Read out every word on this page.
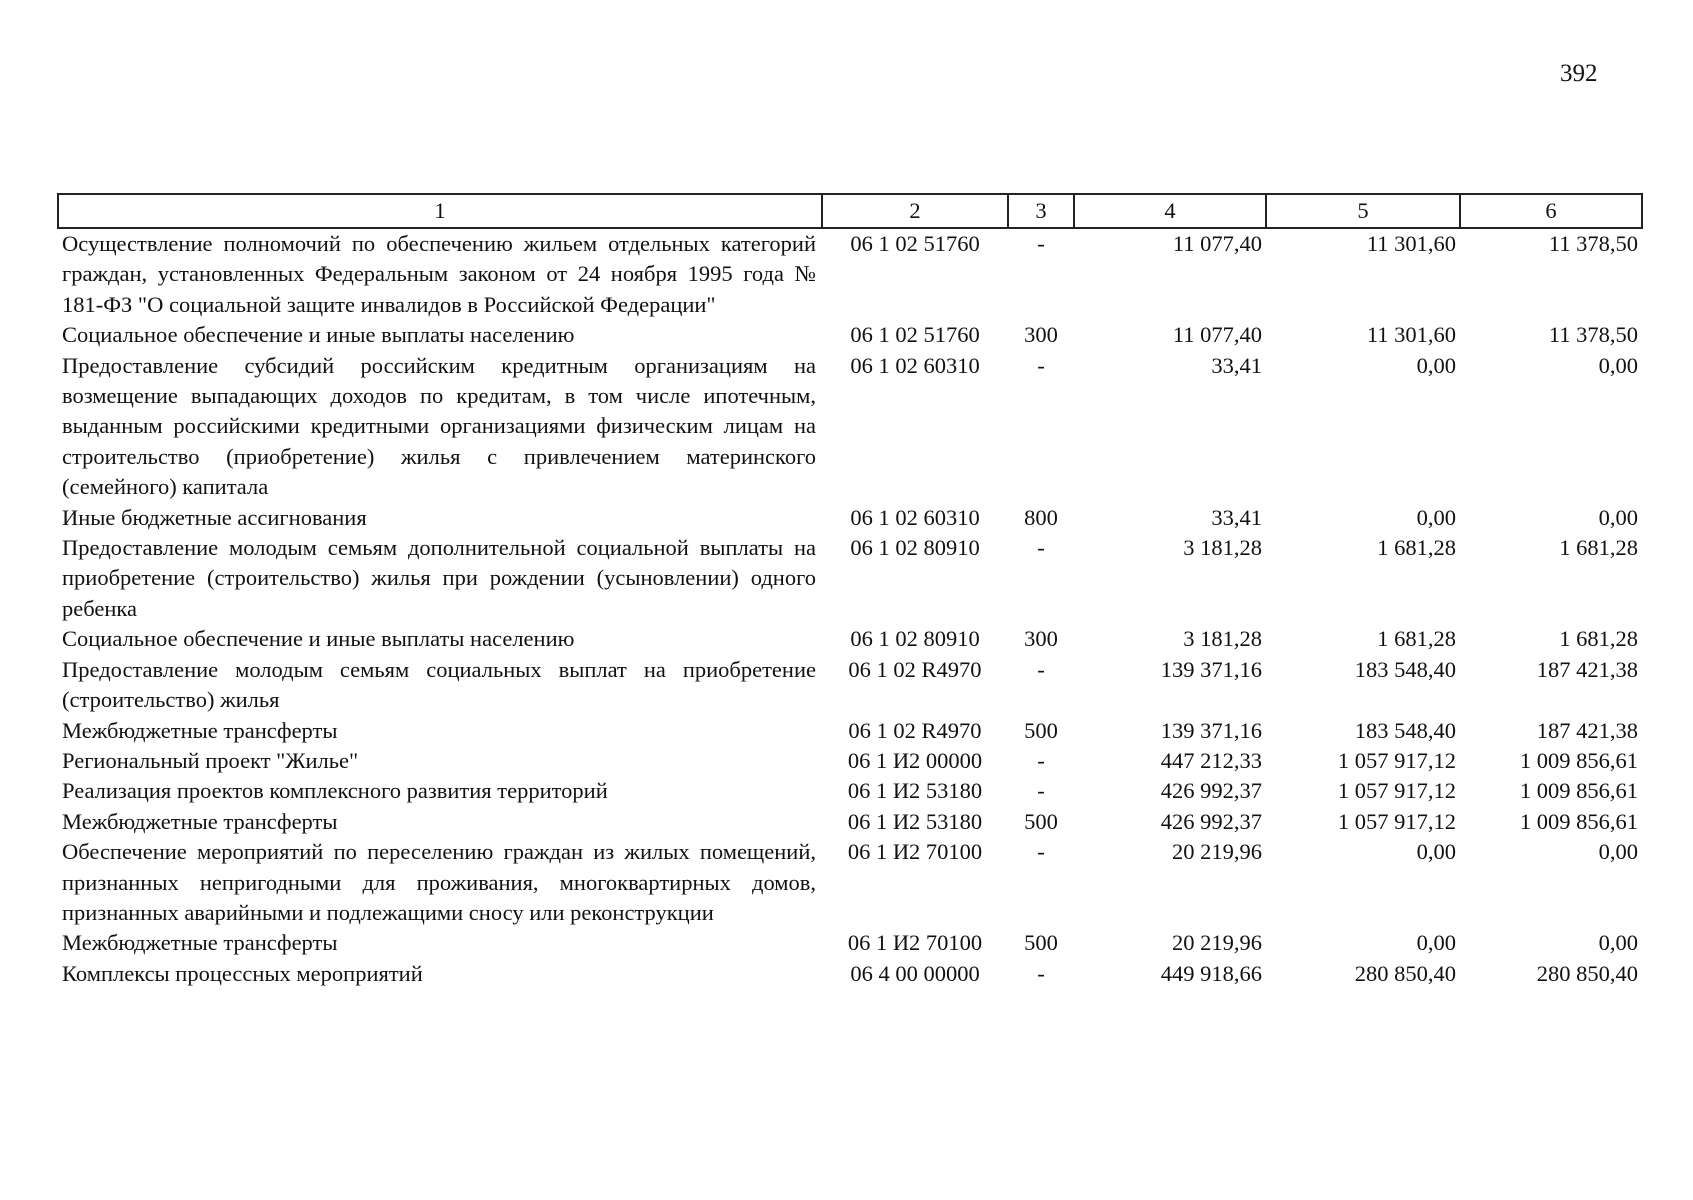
392
1	2	3	4	5	6
Осуществление полномочий по обеспечению жильем отдельных категорий граждан, установленных Федеральным законом от 24 ноября 1995 года № 181-ФЗ "О социальной защите инвалидов в Российской Федерации"	06 1 02 51760	-	11 077,40	11 301,60	11 378,50
Социальное обеспечение и иные выплаты населению	06 1 02 51760	300	11 077,40	11 301,60	11 378,50
Предоставление субсидий российским кредитным организациям на возмещение выпадающих доходов по кредитам, в том числе ипотечным, выданным российскими кредитными организациями физическим лицам на строительство (приобретение) жилья с привлечением материнского (семейного) капитала	06 1 02 60310	-	33,41	0,00	0,00
Иные бюджетные ассигнования	06 1 02 60310	800	33,41	0,00	0,00
Предоставление молодым семьям дополнительной социальной выплаты на приобретение (строительство) жилья при рождении (усыновлении) одного ребенка	06 1 02 80910	-	3 181,28	1 681,28	1 681,28
Социальное обеспечение и иные выплаты населению	06 1 02 80910	300	3 181,28	1 681,28	1 681,28
Предоставление молодым семьям социальных выплат на приобретение (строительство) жилья	06 1 02 R4970	-	139 371,16	183 548,40	187 421,38
Межбюджетные трансферты	06 1 02 R4970	500	139 371,16	183 548,40	187 421,38
Региональный проект "Жилье"	06 1 И2 00000	-	447 212,33	1 057 917,12	1 009 856,61
Реализация проектов комплексного развития территорий	06 1 И2 53180	-	426 992,37	1 057 917,12	1 009 856,61
Межбюджетные трансферты	06 1 И2 53180	500	426 992,37	1 057 917,12	1 009 856,61
Обеспечение мероприятий по переселению граждан из жилых помещений, признанных непригодными для проживания, многоквартирных домов, признанных аварийными и подлежащими сносу или реконструкции	06 1 И2 70100	-	20 219,96	0,00	0,00
Межбюджетные трансферты	06 1 И2 70100	500	20 219,96	0,00	0,00
Комплексы процессных мероприятий	06 4 00 00000	-	449 918,66	280 850,40	280 850,40
